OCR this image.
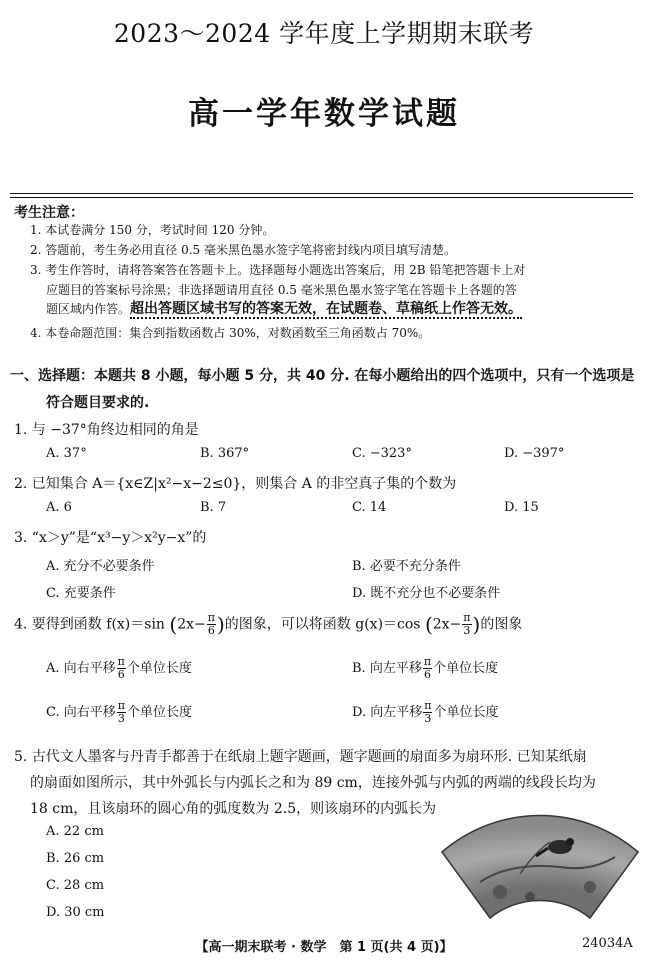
2023～2024 学年度上学期期末联考
高一学年数学试题
考生注意：
1. 本试卷满分 150 分，考试时间 120 分钟。
2. 答题前，考生务必用直径 0.5 毫米黑色墨水签字笔将密封线内项目填写清楚。
3. 考生作答时，请将答案答在答题卡上。选择题每小题选出答案后，用 2B 铅笔把答题卡上对
应题目的答案标号涂黑；非选择题请用直径 0.5 毫米黑色墨水签字笔在答题卡上各题的答
题区域内作答。超出答题区域书写的答案无效，在试题卷、草稿纸上作答无效。
4. 本卷命题范围：集合到指数函数占 30%，对数函数至三角函数占 70%。
一、选择题：本题共 8 小题，每小题 5 分，共 40 分. 在每小题给出的四个选项中，只有一个选项是
符合题目要求的.
1. 与 −37°角终边相同的角是
A. 37°	B. 367°	C. −323°	D. −397°
2. 已知集合 A＝{x∈Z|x²−x−2≤0}，则集合 A 的非空真子集的个数为
A. 6	B. 7	C. 14	D. 15
3. “x＞y”是“x³−y＞x²y−x”的
A. 充分不必要条件	B. 必要不充分条件
C. 充要条件	D. 既不充分也不必要条件
4. 要得到函数 f(x)＝sin ($2x- \frac{\pi}{6}$ )的图象，可以将函数 g(x)＝cos ($2x- \frac{\pi}{3}$ )的图象
A. 向右平移 $\frac{\pi}{6}$ 个单位长度	B. 向左平移 $\frac{\pi}{6}$ 个单位长度
C. 向右平移 $\frac{\pi}{3}$ 个单位长度	D. 向左平移 $\frac{\pi}{3}$ 个单位长度
5. 古代文人墨客与丹青手都善于在纸扇上题字题画，题字题画的扇面多为扇环形. 已知某纸扇
的扇面如图所示，其中外弧长与内弧长之和为 89 cm，连接外弧与内弧的两端的线段长均为
18 cm，且该扇环的圆心角的弧度数为 2.5，则该扇环的内弧长为
A. 22 cm
B. 26 cm
C. 28 cm
D. 30 cm
【高一期末联考 · 数学　第 1 页(共 4 页)】	24034A
